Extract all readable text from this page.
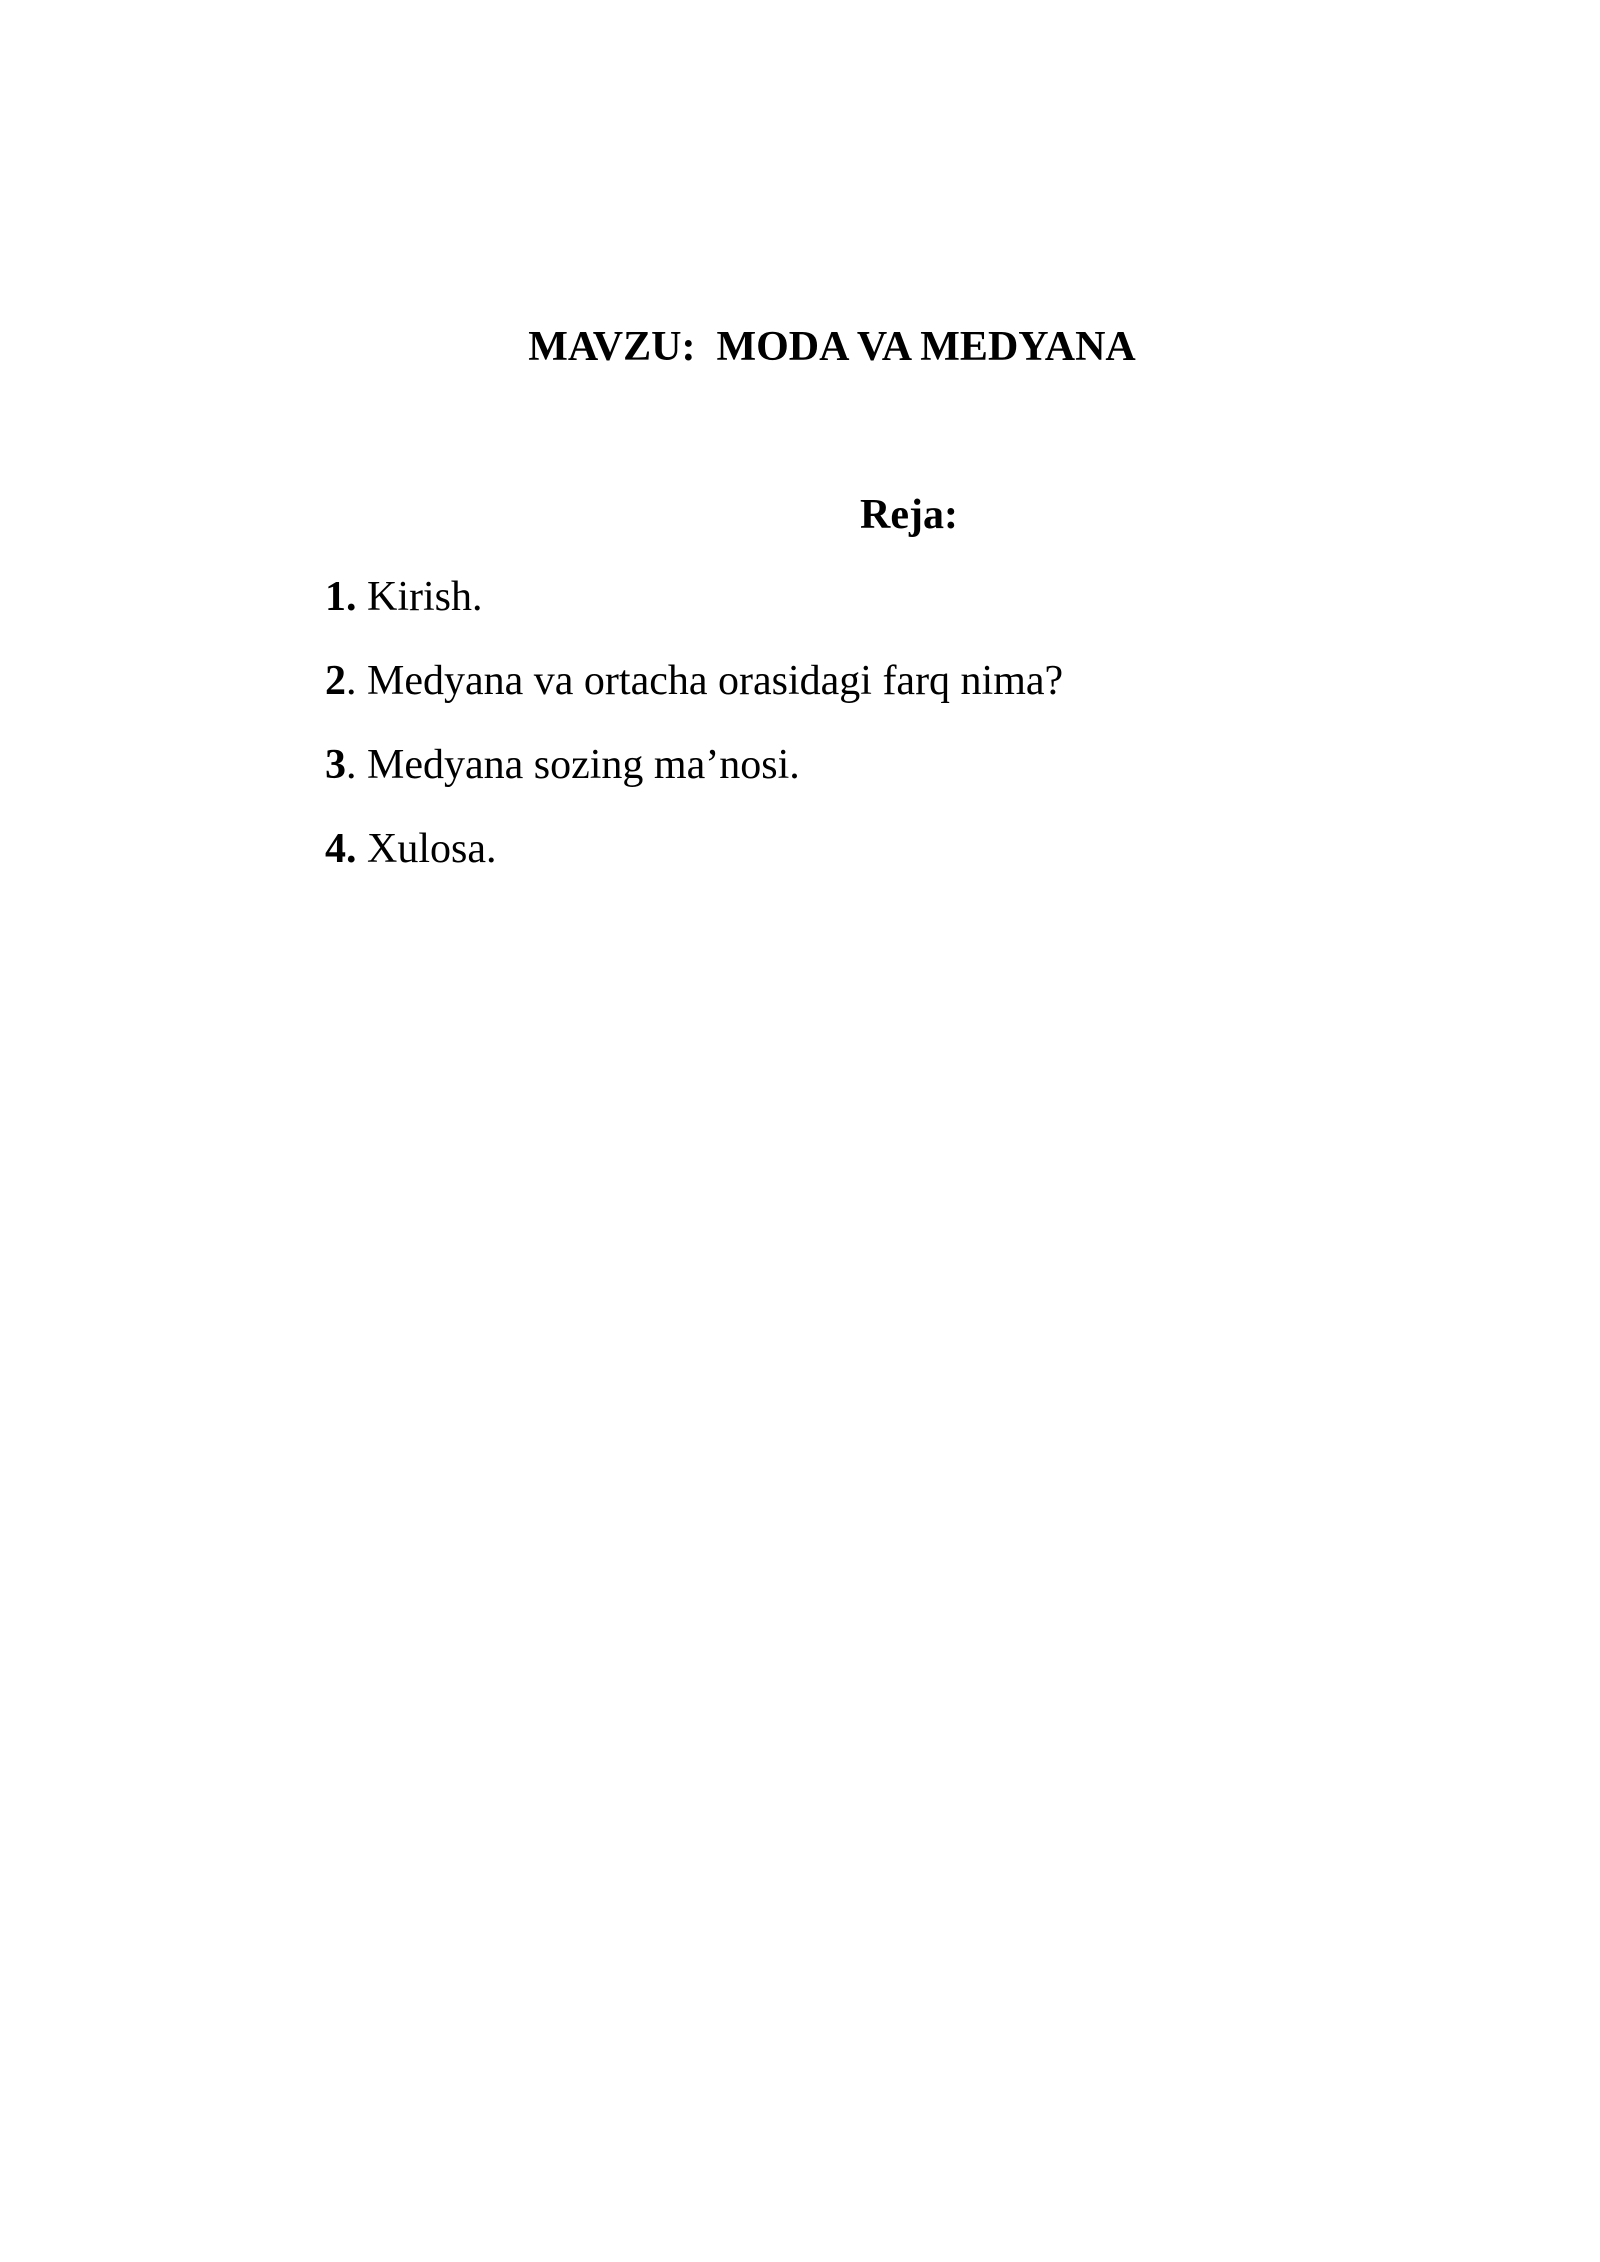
MAVZU:  MODA VA MEDYANA
Reja:
1. Kirish.
2. Medyana va ortacha orasidagi farq nima?
3. Medyana sozing ma’nosi.
4. Xulosa.
